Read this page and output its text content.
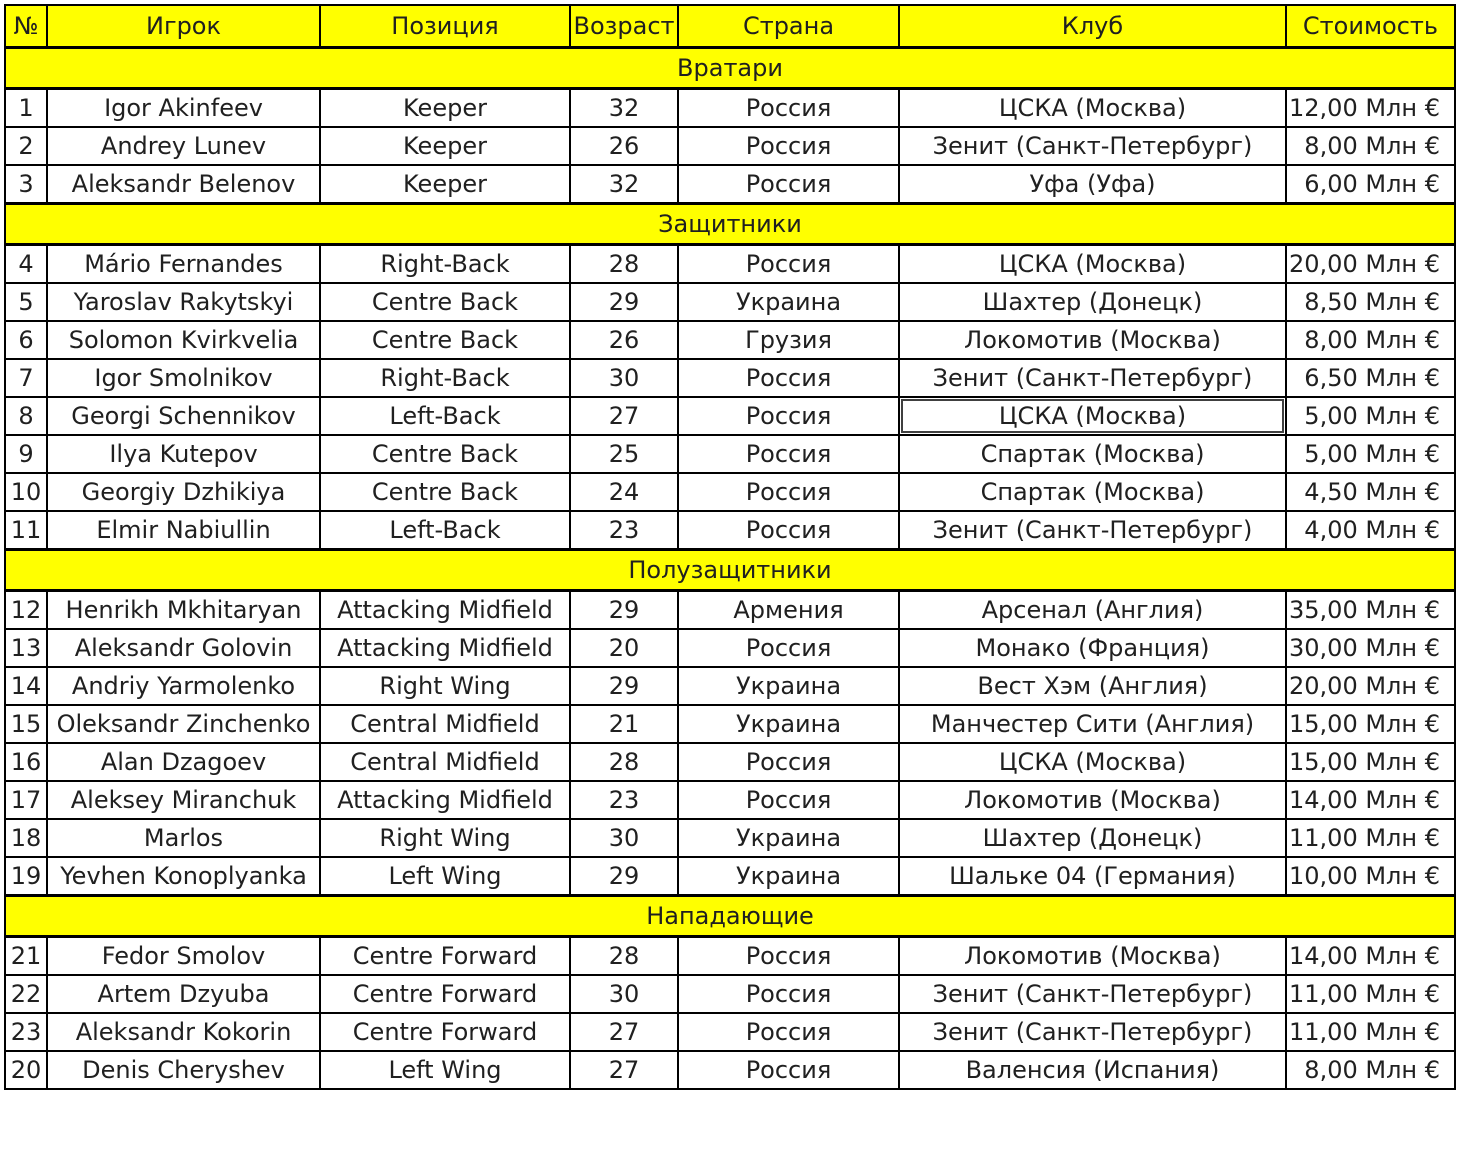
№	Игрок	Позиция	Возраст	Страна	Клуб	Стоимость
Вратари						
1	Igor Akinfeev	Keeper	32	Россия	ЦСКА (Москва)	12,00 Млн €
2	Andrey Lunev	Keeper	26	Россия	Зенит (Санкт-Петербург)	8,00 Млн €
3	Aleksandr Belenov	Keeper	32	Россия	Уфа (Уфа)	6,00 Млн €
Защитники						
4	Mário Fernandes	Right-Back	28	Россия	ЦСКА (Москва)	20,00 Млн €
5	Yaroslav Rakytskyi	Centre Back	29	Украина	Шахтер (Донецк)	8,50 Млн €
6	Solomon Kvirkvelia	Centre Back	26	Грузия	Локомотив (Москва)	8,00 Млн €
7	Igor Smolnikov	Right-Back	30	Россия	Зенит (Санкт-Петербург)	6,50 Млн €
8	Georgi Schennikov	Left-Back	27	Россия	ЦСКА (Москва)	5,00 Млн €
9	Ilya Kutepov	Centre Back	25	Россия	Спартак (Москва)	5,00 Млн €
10	Georgiy Dzhikiya	Centre Back	24	Россия	Спартак (Москва)	4,50 Млн €
11	Elmir Nabiullin	Left-Back	23	Россия	Зенит (Санкт-Петербург)	4,00 Млн €
Полузащитники						
12	Henrikh Mkhitaryan	Attacking Midfield	29	Армения	Арсенал (Англия)	35,00 Млн €
13	Aleksandr Golovin	Attacking Midfield	20	Россия	Монако (Франция)	30,00 Млн €
14	Andriy Yarmolenko	Right Wing	29	Украина	Вест Хэм (Англия)	20,00 Млн €
15	Oleksandr Zinchenko	Central Midfield	21	Украина	Манчестер Сити (Англия)	15,00 Млн €
16	Alan Dzagoev	Central Midfield	28	Россия	ЦСКА (Москва)	15,00 Млн €
17	Aleksey Miranchuk	Attacking Midfield	23	Россия	Локомотив (Москва)	14,00 Млн €
18	Marlos	Right Wing	30	Украина	Шахтер (Донецк)	11,00 Млн €
19	Yevhen Konoplyanka	Left Wing	29	Украина	Шальке 04 (Германия)	10,00 Млн €
Нападающие						
21	Fedor Smolov	Centre Forward	28	Россия	Локомотив (Москва)	14,00 Млн €
22	Artem Dzyuba	Centre Forward	30	Россия	Зенит (Санкт-Петербург)	11,00 Млн €
23	Aleksandr Kokorin	Centre Forward	27	Россия	Зенит (Санкт-Петербург)	11,00 Млн €
20	Denis Cheryshev	Left Wing	27	Россия	Валенсия (Испания)	8,00 Млн €
